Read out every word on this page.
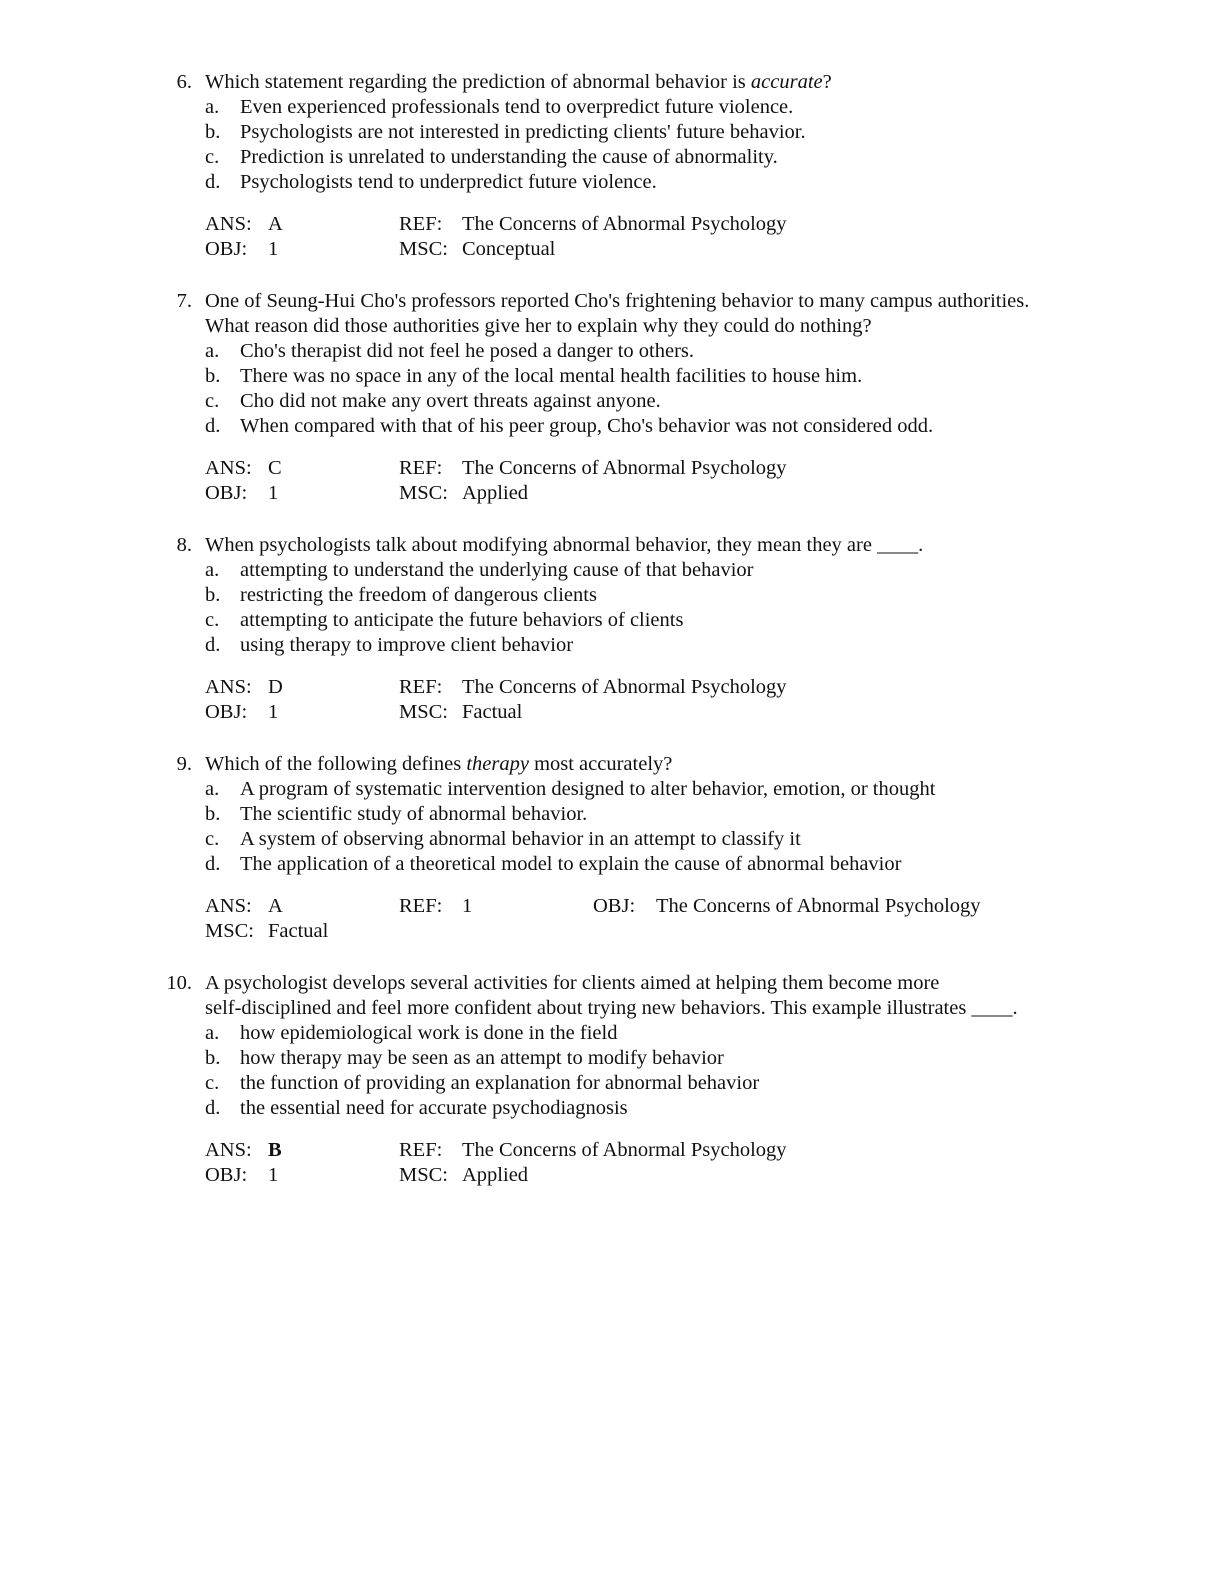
6. Which statement regarding the prediction of abnormal behavior is accurate?
a. Even experienced professionals tend to overpredict future violence.
b. Psychologists are not interested in predicting clients' future behavior.
c. Prediction is unrelated to understanding the cause of abnormality.
d. Psychologists tend to underpredict future violence.
ANS: A	REF: The Concerns of Abnormal Psychology
OBJ: 1	MSC: Conceptual
7. One of Seung-Hui Cho's professors reported Cho's frightening behavior to many campus authorities.
What reason did those authorities give her to explain why they could do nothing?
a. Cho's therapist did not feel he posed a danger to others.
b. There was no space in any of the local mental health facilities to house him.
c. Cho did not make any overt threats against anyone.
d. When compared with that of his peer group, Cho's behavior was not considered odd.
ANS: C	REF: The Concerns of Abnormal Psychology
OBJ: 1	MSC: Applied
8. When psychologists talk about modifying abnormal behavior, they mean they are ____.
a. attempting to understand the underlying cause of that behavior
b. restricting the freedom of dangerous clients
c. attempting to anticipate the future behaviors of clients
d. using therapy to improve client behavior
ANS: D	REF: The Concerns of Abnormal Psychology
OBJ: 1	MSC: Factual
9. Which of the following defines therapy most accurately?
a. A program of systematic intervention designed to alter behavior, emotion, or thought
b. The scientific study of abnormal behavior.
c. A system of observing abnormal behavior in an attempt to classify it
d. The application of a theoretical model to explain the cause of abnormal behavior
ANS: A	REF: 1	OBJ: The Concerns of Abnormal Psychology
MSC: Factual
10. A psychologist develops several activities for clients aimed at helping them become more
self-disciplined and feel more confident about trying new behaviors. This example illustrates ____.
a. how epidemiological work is done in the field
b. how therapy may be seen as an attempt to modify behavior
c. the function of providing an explanation for abnormal behavior
d. the essential need for accurate psychodiagnosis
ANS: B	REF: The Concerns of Abnormal Psychology
OBJ: 1	MSC: Applied
